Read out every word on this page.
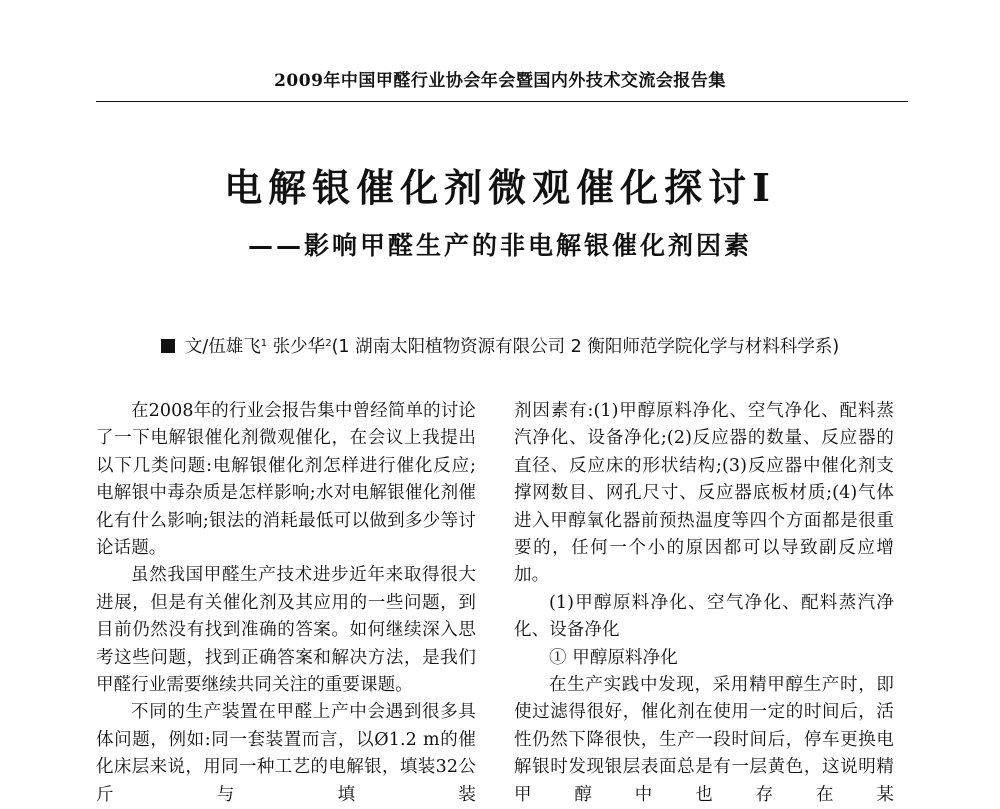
2009年中国甲醛行业协会年会暨国内外技术交流会报告集
电解银催化剂微观催化探讨Ⅰ
——影响甲醛生产的非电解银催化剂因素
文/伍雄飞$^1$ 张少华$^2$(1 湖南太阳植物资源有限公司 2 衡阳师范学院化学与材料科学系)

在2008年的行业会报告集中曾经简单的讨论了一下电解银催化剂微观催化，在会议上我提出以下几类问题:电解银催化剂怎样进行催化反应;电解银中毒杂质是怎样影响;水对电解银催化剂催化有什么影响;银法的消耗最低可以做到多少等讨论话题。

虽然我国甲醛生产技术进步近年来取得很大进展，但是有关催化剂及其应用的一些问题，到目前仍然没有找到准确的答案。如何继续深入思考这些问题，找到正确答案和解决方法，是我们甲醛行业需要继续共同关注的重要课题。

不同的生产装置在甲醛上产中会遇到很多具体问题，例如:同一套装置而言，以Ø1.2 m的催化床层来说，用同一种工艺的电解银，填装32公斤与填装

剂因素有:(1)甲醇原料净化、空气净化、配料蒸汽净化、设备净化;(2)反应器的数量、反应器的直径、反应床的形状结构;(3)反应器中催化剂支撑网数目、网孔尺寸、反应器底板材质;(4)气体进入甲醇氧化器前预热温度等四个方面都是很重要的，任何一个小的原因都可以导致副反应增加。

(1)甲醇原料净化、空气净化、配料蒸汽净化、设备净化

① 甲醇原料净化

在生产实践中发现，采用精甲醇生产时，即使过滤得很好，催化剂在使用一定的时间后，活性仍然下降很快，生产一段时间后，停车更换电解银时发现银层表面总是有一层黄色，这说明精甲醇中也存在某
